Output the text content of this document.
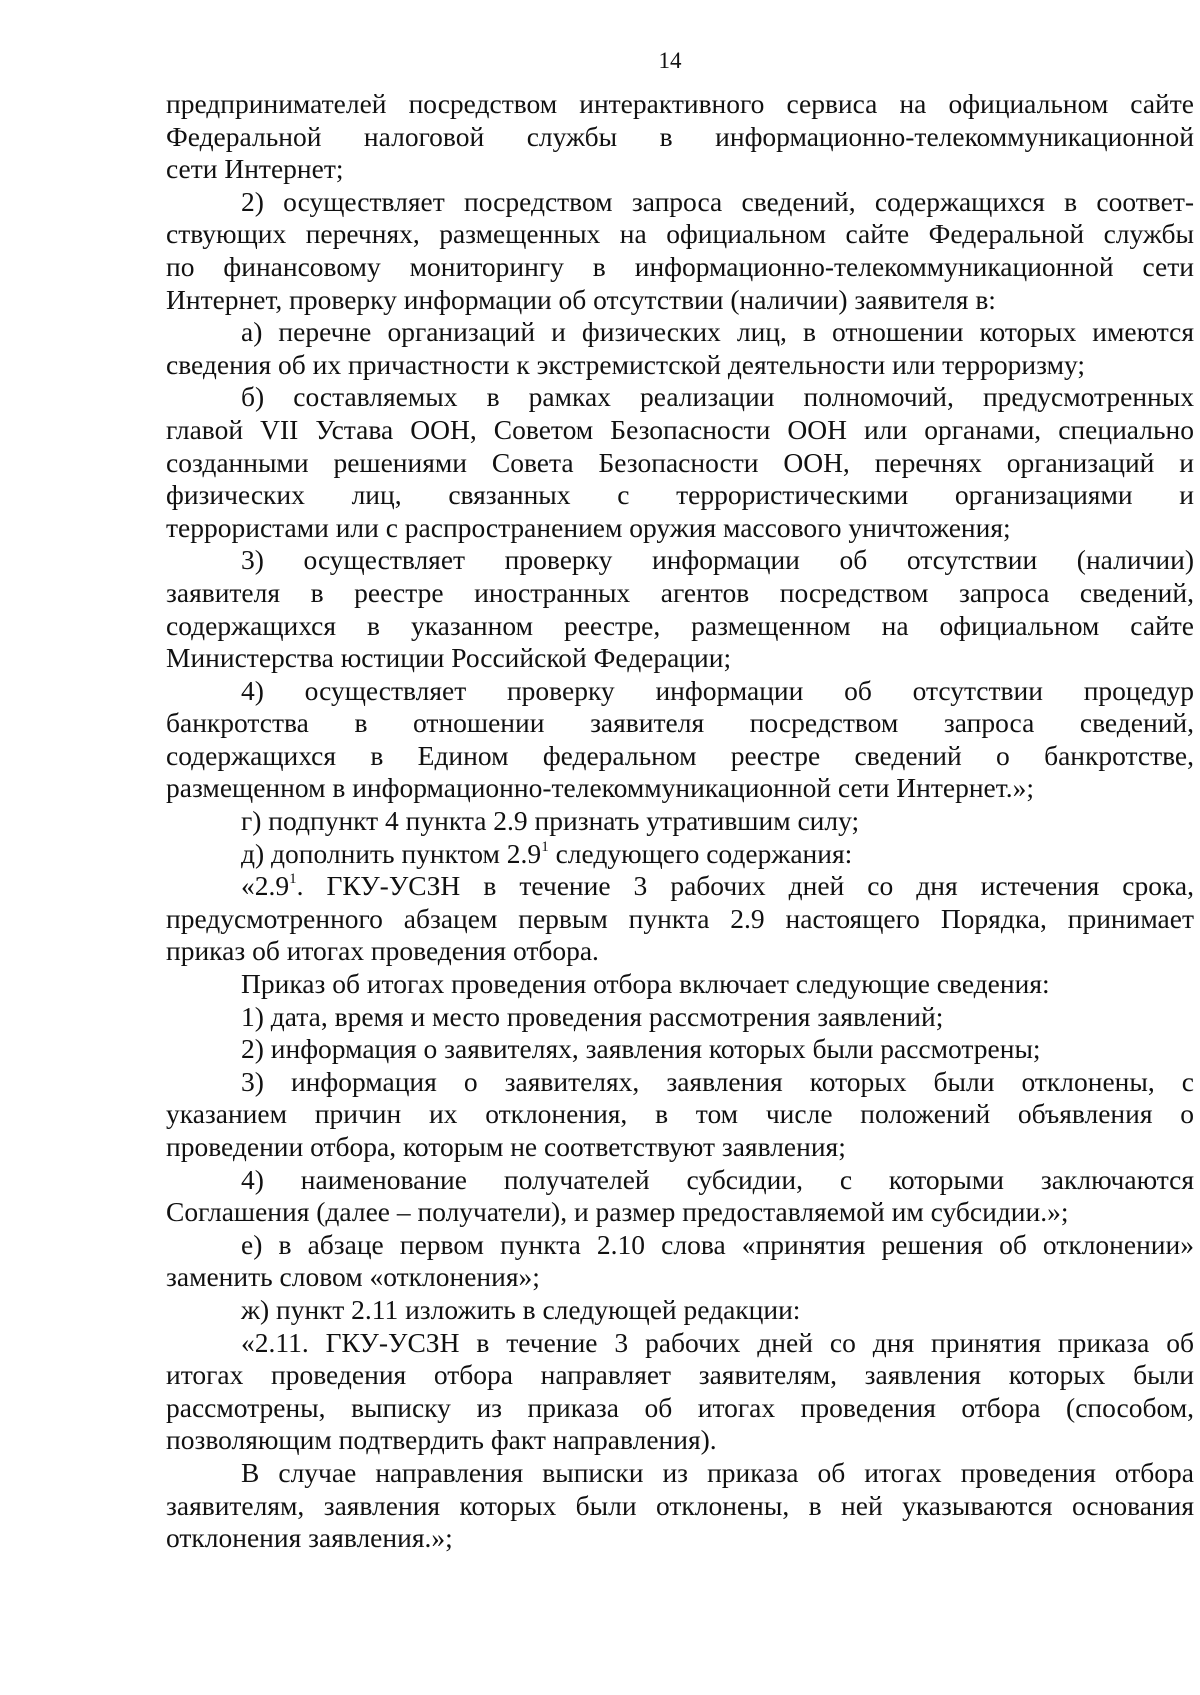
14
предпринимателей посредством интерактивного сервиса на официальном сайте
Федеральной налоговой службы в информационно-телекоммуникационной
сети Интернет;
2) осуществляет посредством запроса сведений, содержащихся в соответ-
ствующих перечнях, размещенных на официальном сайте Федеральной службы
по финансовому мониторингу в информационно-телекоммуникационной сети
Интернет, проверку информации об отсутствии (наличии) заявителя в:
а) перечне организаций и физических лиц, в отношении которых имеются
сведения об их причастности к экстремистской деятельности или терроризму;
б) составляемых в рамках реализации полномочий, предусмотренных
главой VII Устава ООН, Советом Безопасности ООН или органами, специально
созданными решениями Совета Безопасности ООН, перечнях организаций и
физических лиц, связанных с террористическими организациями и
террористами или с распространением оружия массового уничтожения;
3) осуществляет проверку информации об отсутствии (наличии)
заявителя в реестре иностранных агентов посредством запроса сведений,
содержащихся в указанном реестре, размещенном на официальном сайте
Министерства юстиции Российской Федерации;
4) осуществляет проверку информации об отсутствии процедур
банкротства в отношении заявителя посредством запроса сведений,
содержащихся в Едином федеральном реестре сведений о банкротстве,
размещенном в информационно-телекоммуникационной сети Интернет.»;
г) подпункт 4 пункта 2.9 признать утратившим силу;
д) дополнить пунктом $2.9^1$ следующего содержания:
«$2.9^1$. ГКУ-УСЗН в течение 3 рабочих дней со дня истечения срока,
предусмотренного абзацем первым пункта 2.9 настоящего Порядка, принимает
приказ об итогах проведения отбора.
Приказ об итогах проведения отбора включает следующие сведения:
1) дата, время и место проведения рассмотрения заявлений;
2) информация о заявителях, заявления которых были рассмотрены;
3) информация о заявителях, заявления которых были отклонены, с
указанием причин их отклонения, в том числе положений объявления о
проведении отбора, которым не соответствуют заявления;
4) наименование получателей субсидии, с которыми заключаются
Соглашения (далее – получатели), и размер предоставляемой им субсидии.»;
е) в абзаце первом пункта 2.10 слова «принятия решения об отклонении»
заменить словом «отклонения»;
ж) пункт 2.11 изложить в следующей редакции:
«2.11. ГКУ-УСЗН в течение 3 рабочих дней со дня принятия приказа об
итогах проведения отбора направляет заявителям, заявления которых были
рассмотрены, выписку из приказа об итогах проведения отбора (способом,
позволяющим подтвердить факт направления).
В случае направления выписки из приказа об итогах проведения отбора
заявителям, заявления которых были отклонены, в ней указываются основания
отклонения заявления.»;
